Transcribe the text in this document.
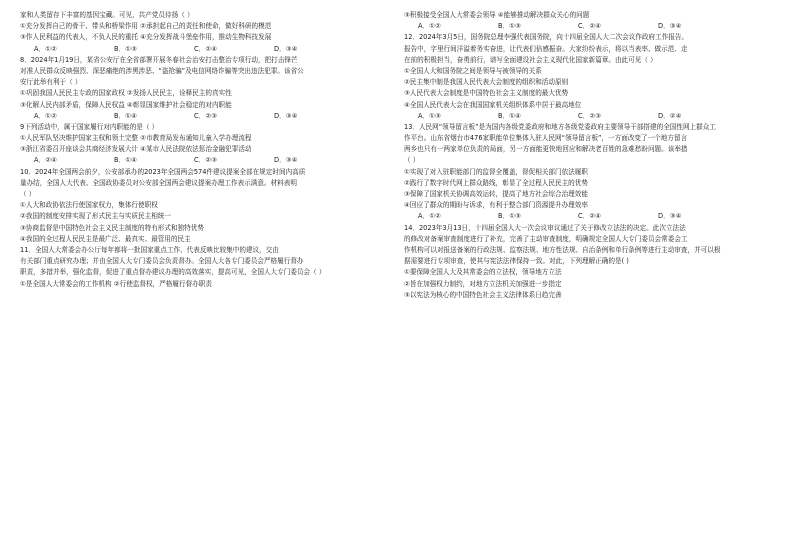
家和人类留存下丰富的基因宝藏。可见，共产党员待扬（ ）
①充分发挥自己的骨干、带头和桥梁作用 ②承担起自己的责任和使命，做好科研的模范
③作人民利益的代表人，不负人民的重托 ④充分发挥战斗堡垒作用，推动生物科技发展
A．①②	B．①③	C．②④	D．③④
8．2024年1月19日，某省公安厅在全省部署开展冬春社会治安打击整治专项行动，把打击锋芒
对准人民群众反映强烈、深恶痛绝的涉黑涉恶、“盗抢骗”及电信网络诈骗等突出违法犯罪。该省公
安厅此举有利于（ ）
①巩固我国人民民主专政的国家政权 ②发扬人民民主，诠释民主的真实性
③化解人民内部矛盾，保障人民权益 ④彰显国家维护社会稳定的对内职能
A．①②	B．①④	C．②③	D．③④
9下列活动中，属于国家履行对内职能的是（ ）
①人民军队坚决维护国家主权和领土完整 ②市教育局发布通知儿童入学办理流程
③浙江省委召开座谈会共商经济发展大计 ④某市人民法院依法惩治金融犯罪活动
A．②④	B．①④	C．②③	D．③④
10．2024年全国两会前夕，公安部承办的2023年全国两会574件建议提案全部在规定时间内高质
量办结，全国人大代表、全国政协委员对公安部全国两会建议提案办理工作表示满意。材料表明
（ ）
①人大和政协依法行使国家权力，集体行使职权
②我国的制度安排实现了形式民主与实质民主相统一
③协商监督是中国特色社会主义民主制度的特有形式和独特优势
④我国的全过程人民民主是最广泛、最真实、最管用的民主
11．全国人大常委会办公厅每年都将一批国家重点工作、代表反映比较集中的建议，交由
有关部门重点研究办理；并由全国人大专门委员会负责督办。全国人大各专门委员会严格履行督办
职责，多措并举，强化监督，促进了重点督办建议办理的高效落实，提高可见，全国人大专门委员会（ ）
①是全国人大常委会的工作机构 ②行使监督权，严格履行督办职责
③积极接受全国人大常委会领导 ④能够推动解决群众关心的问题
A．①②	B．①③	C．②④	D．③④
12．2024年3月5日，国务院总理李强代表国务院，向十四届全国人大二次会议作政府工作报告。
报告中，字里行间洋溢着务实奋进，让代表们倍感振奋。大家纷纷表示，将以当表率、做示范、走
在前的积极担当，奋勇前行，谱写全面建设社会主义现代化国家新篇章。由此可见（ ）
①全国人大和国务院之间是领导与被领导的关系
②民主集中制是我国人民代表大会制度的组织和活动原则
③人民代表大会制度是中国特色社会主义制度的最大优势
④全国人民代表大会在我国国家机关组织体系中居于最高地位
A．①③	B．①④	C．②③	D．②④
13．人民网“领导留言板”是为国内各级党委政府和地方各级党委政府主要领导干部搭建的全国性网上群众工
作平台。山东省烟台市476家职能单位集体入驻人民网“领导留言板”，一方面改变了一个地方留言
两乡也只有一两家单位负责的局面，另一方面能更快地回应和解决老百姓的急难愁盼问题。该举措
（ ）
①实现了对入驻职能部门的监督全覆盖，督促相关部门依法履职
②践行了数字时代网上群众路线，彰显了全过程人民民主的优势
③保障了国家机关协调高效运转，提高了地方社会综合治理效能
④回应了群众的期盼与诉求，有利于整合部门资源提升办理效率
A．①②	B．①③	C．②④	D．③④
14．2023年3月13日，十四届全国人大一次会议审议通过了关于修改立法法的决定。此次立法法
的修改对备案审查制度进行了补充，完善了主动审查制度，明确规定全国人大专门委员会常委会工
作机构可以对报送备案的行政法规、监察法规、地方性法规、自治条例和单行条例等进行主动审查，并可以根
据需要进行专项审查，使其与宪法法律保持一致。对此，下列理解正确的是( )
①要保障全国人大及其常委会的立法权，领导地方立法
②旨在加强权力制约，对地方立法机关加强进一步指定
③以宪法为核心的中国特色社会主义法律体系日趋完善
